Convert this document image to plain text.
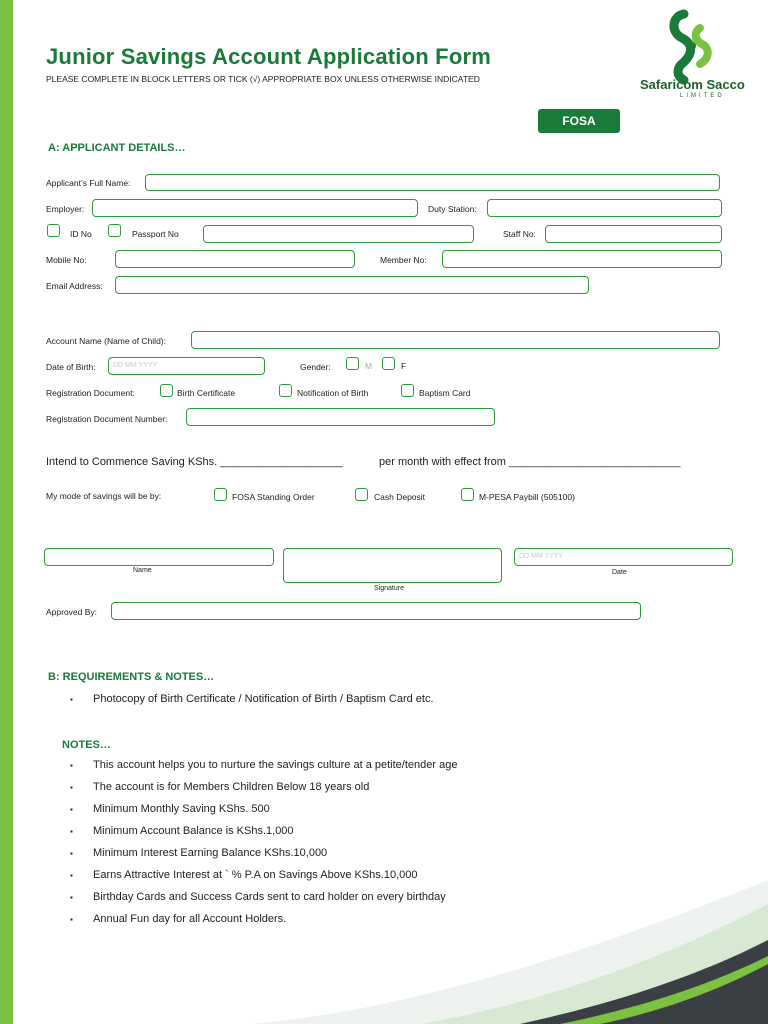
Junior Savings Account Application Form
PLEASE COMPLETE IN BLOCK LETTERS OR TICK (√) APPROPRIATE BOX UNLESS OTHERWISE INDICATED	Safaricom Sacco
LIMITED
FOSA
A: APPLICANT DETAILS…
Applicant’s Full Name:
Employer:	Duty Station:
ID No	Passport No	Staff No:
Mobile No:	Member No:
Email Address:
Account Name (Name of Child):
Date of Birth:	DD MM YYYY	Gender:	M	F
Registration Document:	Birth Certificate	Notification of Birth	Baptism Card
Registration Document Number:
Intend to Commence Saving KShs. ____________________	per month with effect from ____________________________
My mode of savings will be by:	FOSA Standing Order	Cash Deposit	M-PESA Paybill (505100)
Name
Signature
DD MM YYYY
Date
Approved By:
B: REQUIREMENTS & NOTES…
▪ Photocopy of Birth Certificate / Notification of Birth / Baptism Card etc.
NOTES…
▪ This account helps you to nurture the savings culture at a petite/tender age
▪ The account is for Members Children Below 18 years old
▪ Minimum Monthly Saving KShs. 500
▪ Minimum Account Balance is KShs.1,000
▪ Minimum Interest Earning Balance KShs.10,000
▪ Earns Attractive Interest at ` % P.A on Savings Above KShs.10,000
▪ Birthday Cards and Success Cards sent to card holder on every birthday
▪ Annual Fun day for all Account Holders.
